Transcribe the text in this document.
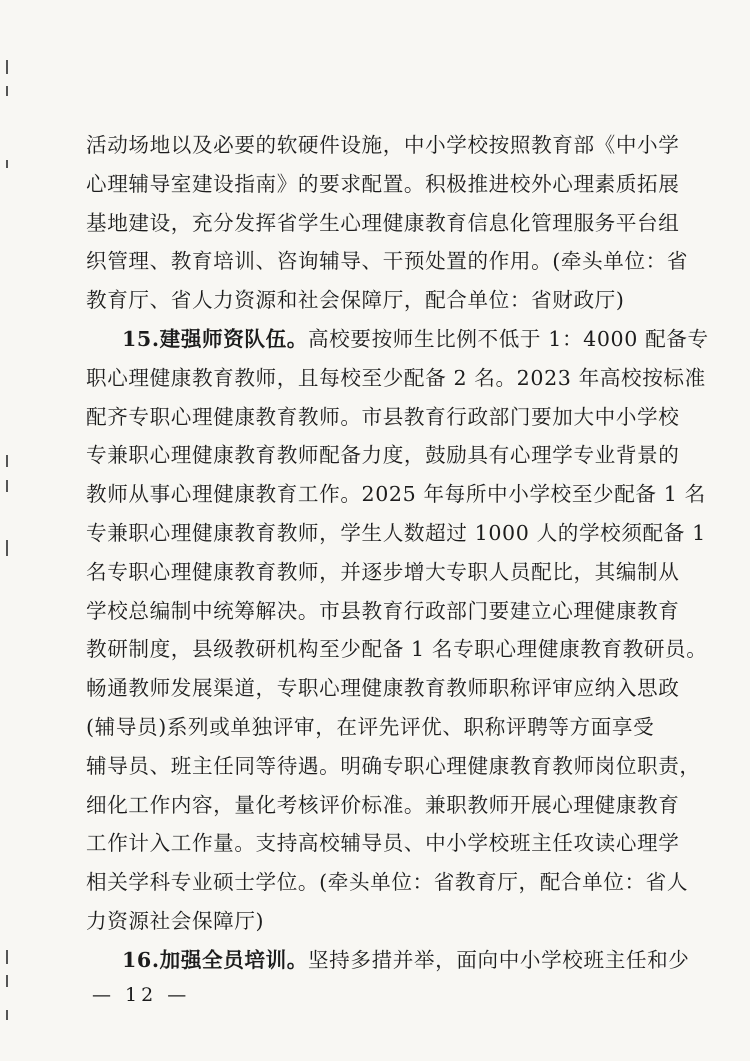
活动场地以及必要的软硬件设施，中小学校按照教育部《中小学
心理辅导室建设指南》的要求配置。积极推进校外心理素质拓展
基地建设，充分发挥省学生心理健康教育信息化管理服务平台组
织管理、教育培训、咨询辅导、干预处置的作用。(牵头单位：省
教育厅、省人力资源和社会保障厅，配合单位：省财政厅)
15.建强师资队伍。高校要按师生比例不低于 1：4000 配备专
职心理健康教育教师，且每校至少配备 2 名。2023 年高校按标准
配齐专职心理健康教育教师。市县教育行政部门要加大中小学校
专兼职心理健康教育教师配备力度，鼓励具有心理学专业背景的
教师从事心理健康教育工作。2025 年每所中小学校至少配备 1 名
专兼职心理健康教育教师，学生人数超过 1000 人的学校须配备 1
名专职心理健康教育教师，并逐步增大专职人员配比，其编制从
学校总编制中统筹解决。市县教育行政部门要建立心理健康教育
教研制度，县级教研机构至少配备 1 名专职心理健康教育教研员。
畅通教师发展渠道，专职心理健康教育教师职称评审应纳入思政
(辅导员)系列或单独评审，在评先评优、职称评聘等方面享受
辅导员、班主任同等待遇。明确专职心理健康教育教师岗位职责，
细化工作内容，量化考核评价标准。兼职教师开展心理健康教育
工作计入工作量。支持高校辅导员、中小学校班主任攻读心理学
相关学科专业硕士学位。(牵头单位：省教育厅，配合单位：省人
力资源社会保障厅)
16.加强全员培训。坚持多措并举，面向中小学校班主任和少
— 12 —
